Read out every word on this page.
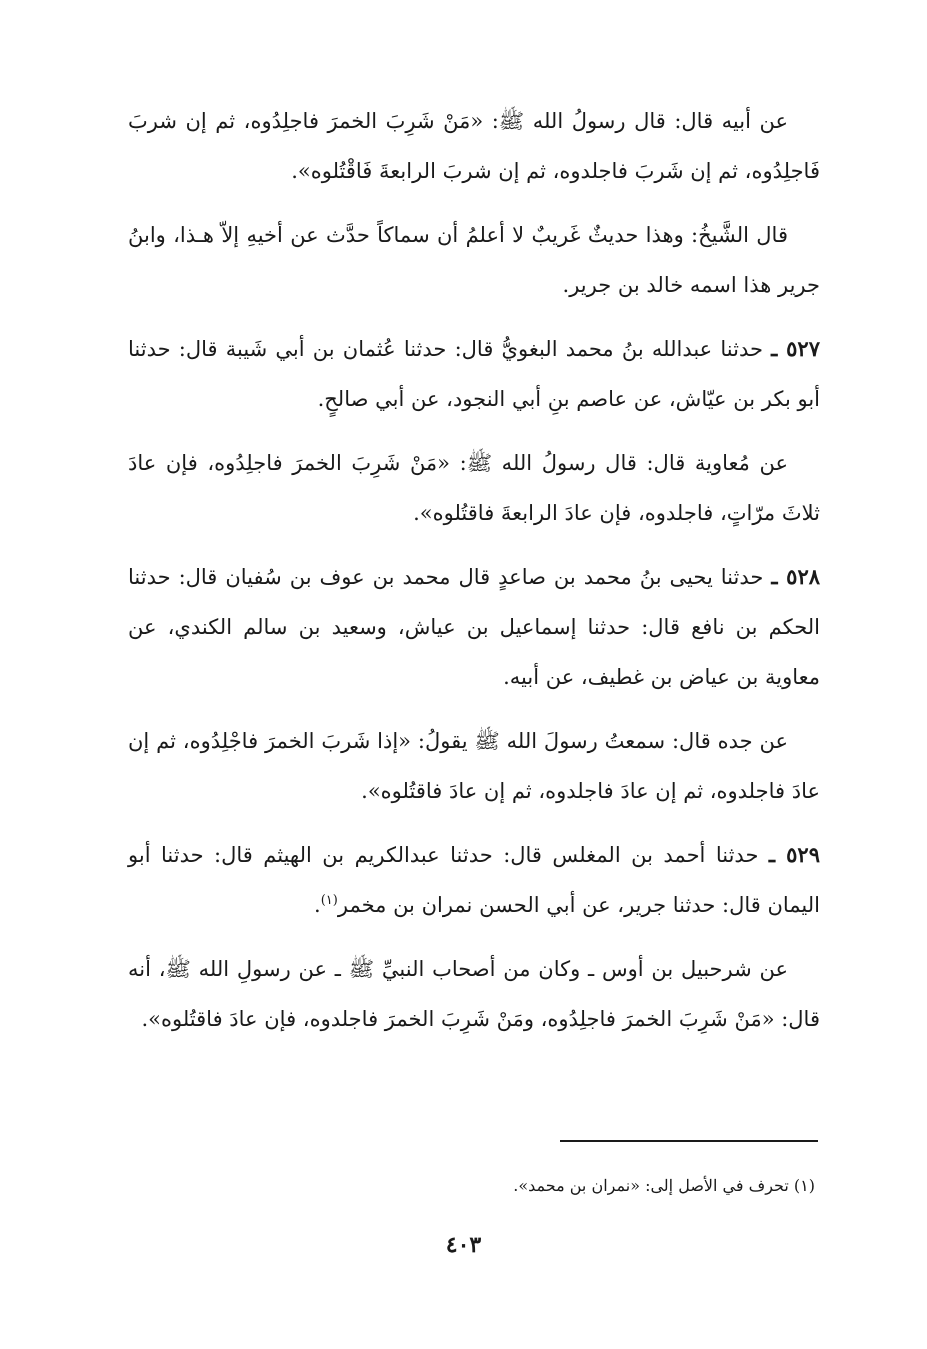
عن أبيه قال: قال رسولُ الله ﷺ: «مَنْ شَرِبَ الخمرَ فاجلِدُوه، ثم إن شربَ فَاجلِدُوه، ثم إن شَربَ فاجلدوه، ثم إن شربَ الرابعةَ فَاقْتُلوه».

قال الشَّيخُ: وهذا حديثٌ غَريبٌ لا أعلمُ أن سماكاً حدَّث عن أخيهِ إلاّ هـذا، وابنُ جرير هذا اسمه خالد بن جرير.

٥٢٧ ـ حدثنا عبدالله بنُ محمد البغويُّ قال: حدثنا عُثمان بن أبي شَيبة قال: حدثنا أبو بكر بن عيّاش، عن عاصم بنِ أبي النجود، عن أبي صالحٍ.

عن مُعاوية قال: قال رسولُ الله ﷺ: «مَنْ شَرِبَ الخمرَ فاجلِدُوه، فإن عادَ ثلاثَ مرّاتٍ، فاجلدوه، فإن عادَ الرابعةَ فاقتُلوه».

٥٢٨ ـ حدثنا يحيى بنُ محمد بن صاعدٍ قال محمد بن عوف بن سُفيان قال: حدثنا الحكم بن نافع قال: حدثنا إسماعيل بن عياش، وسعيد بن سالم الكندي، عن معاوية بن عياض بن غطيف، عن أبيه.

عن جده قال: سمعتُ رسولَ الله ﷺ يقولُ: «إذا شَربَ الخمرَ فاجْلِدُوه، ثم إن عادَ فاجلدوه، ثم إن عادَ فاجلدوه، ثم إن عادَ فاقتُلوه».

٥٢٩ ـ حدثنا أحمد بن المغلس قال: حدثنا عبدالكريم بن الهيثم قال: حدثنا أبو اليمان قال: حدثنا جرير، عن أبي الحسن نمران بن مخمر$^{(١)}$.

عن شرحبيل بن أوس ـ وكان من أصحاب النبيِّ ﷺ ـ عن رسولِ الله ﷺ، أنه قال: «مَنْ شَرِبَ الخمرَ فاجلِدُوه، ومَنْ شَرِبَ الخمرَ فاجلدوه، فإن عادَ فاقتُلوه».

(١) تحرف في الأصل إلى: «نمران بن محمد».
٤٠٣
